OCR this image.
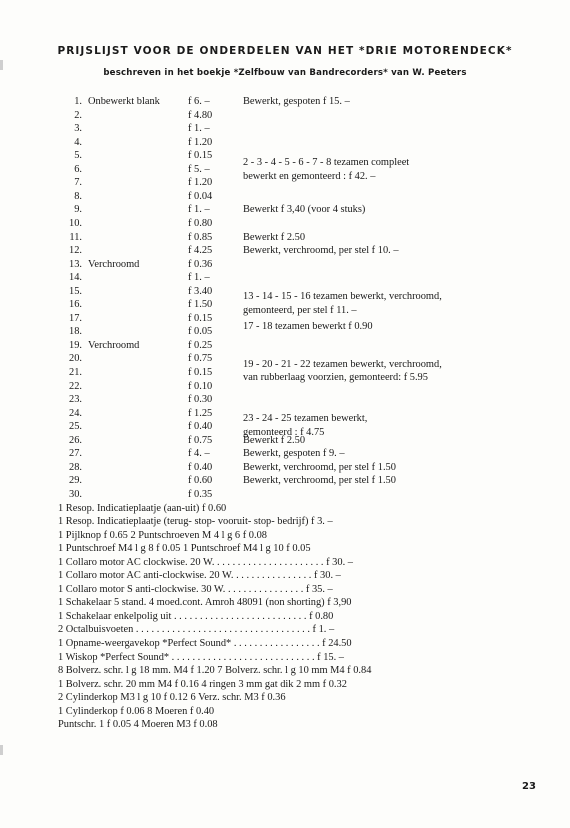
PRIJSLIJST VOOR DE ONDERDELEN VAN HET *DRIE MOTORENDECK*
beschreven in het boekje *Zelfbouw van Bandrecorders* van W. Peeters
1. Onbewerkt blank	f 6. –	Bewerkt, gespoten f 15. –
2.	f 4.80
3.	f 1. –
4.	f 1.20
5.	f 0.15
6.	f 5. –
7.	f 1.20
8.	f 0.04
9.	f 1. –	Bewerkt f 3,40 (voor 4 stuks)
10.	f 0.80
11.	f 0.85	Bewerkt f 2.50
12.	f 4.25	Bewerkt, verchroomd, per stel f 10. –
13. Verchroomd	f 0.36
14.	f 1. –
15.	f 3.40
16.	f 1.50
17.	f 0.15
18.	f 0.05
19. Verchroomd	f 0.25
20.	f 0.75
21.	f 0.15
22.	f 0.10
23.	f 0.30
24.	f 1.25
25.	f 0.40
26.	f 0.75	Bewerkt f 2.50
27.	f 4. –	Bewerkt, gespoten f 9. –
28.	f 0.40	Bewerkt, verchroomd, per stel f 1.50
29.	f 0.60	Bewerkt, verchroomd, per stel f 1.50
30.	f 0.35
2 - 3 - 4 - 5 - 6 - 7 - 8 tezamen compleet
bewerkt en gemonteerd : f 42. –
13 - 14 - 15 - 16 tezamen bewerkt, verchroomd,
gemonteerd, per stel f 11. –
17 - 18 tezamen bewerkt f 0.90
19 - 20 - 21 - 22 tezamen bewerkt, verchroomd,
van rubberlaag voorzien, gemonteerd: f 5.95
23 - 24 - 25 tezamen bewerkt,
gemonteerd : f 4.75
1 Resop. Indicatieplaatje (aan-uit) f 0.60
1 Resop. Indicatieplaatje (terug- stop- vooruit- stop- bedrijf) f 3. –
1 Pijlknop f 0.65 2 Puntschroeven M 4 l g 6 f 0.08
1 Puntschroef M4 l g 8 f 0.05 1 Puntschroef M4 l g 10 f 0.05
1 Collaro motor AC clockwise. 20 W. . . . . . . . . . . . . . . . . . . . . . f 30. –
1 Collaro motor AC anti-clockwise. 20 W. . . . . . . . . . . . . . . . f 30. –
1 Collaro motor S anti-clockwise. 30 W. . . . . . . . . . . . . . . . f 35. –
1 Schakelaar 5 stand. 4 moed.cont. Amroh 48091 (non shorting) f 3,90
1 Schakelaar enkelpolig uit . . . . . . . . . . . . . . . . . . . . . . . . . . f 0.80
2 Octalbuisvoeten . . . . . . . . . . . . . . . . . . . . . . . . . . . . . . . . . . f 1. –
1 Opname-weergavekop *Perfect Sound* . . . . . . . . . . . . . . . . . f 24.50
1 Wiskop *Perfect Sound* . . . . . . . . . . . . . . . . . . . . . . . . . . . . f 15. –
8 Bolverz. schr. l g 18 mm. M4 f 1.20 7 Bolverz. schr. l g 10 mm M4 f 0.84
1 Bolverz. schr. 20 mm M4 f 0.16 4 ringen 3 mm gat dik 2 mm f 0.32
2 Cylinderkop M3 l g 10 f 0.12 6 Verz. schr. M3 f 0.36
1 Cylinderkop f 0.06 8 Moeren f 0.40
Puntschr. 1 f 0.05 4 Moeren M3 f 0.08
23
